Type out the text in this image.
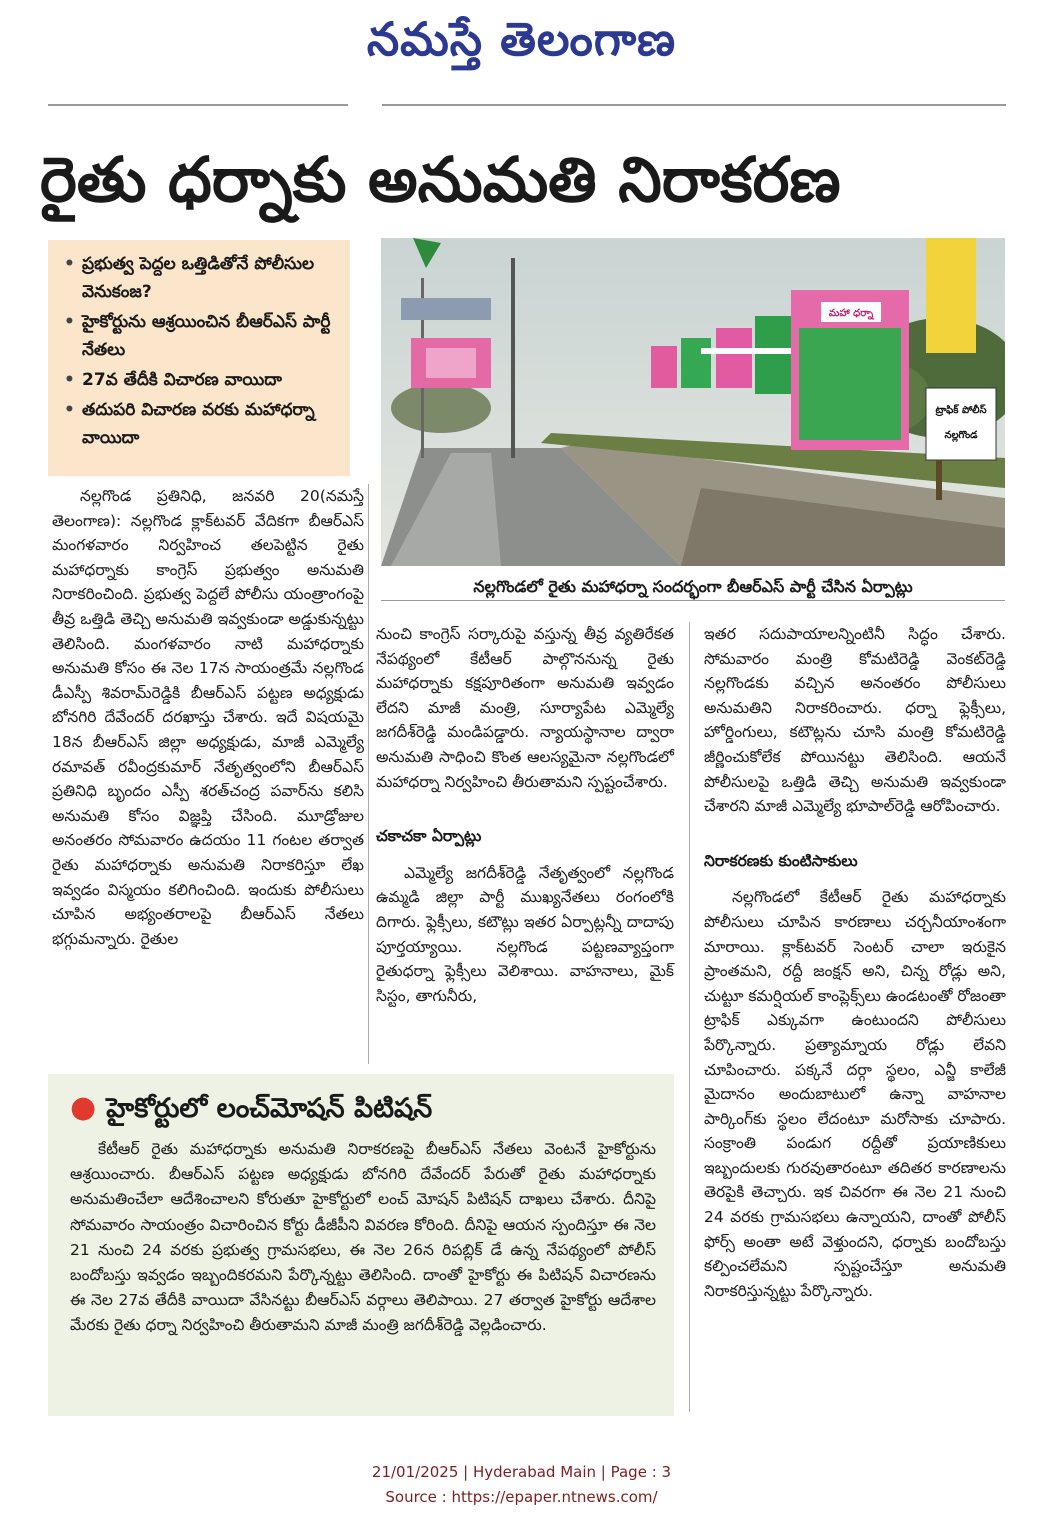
నమస్తే తెలంగాణ
రైతు ధర్నాకు అనుమతి నిరాకరణ
• ప్రభుత్వ పెద్దల ఒత్తిడితోనే పోలీసుల వెనుకంజ?
• హైకోర్టును ఆశ్రయించిన బీఆర్‌ఎస్‌ పార్టీ నేతలు
• 27వ తేదీకి విచారణ వాయిదా
• తదుపరి విచారణ వరకు మహాధర్నా వాయిదా
మహా ధర్నా
ట్రాఫిక్ పోలీస్
నల్లగొండ
నల్లగొండలో రైతు మహాధర్నా సందర్భంగా బీఆర్‌ఎస్‌ పార్టీ చేసిన ఏర్పాట్లు

నల్లగొండ ప్రతినిధి, జనవరి 20(నమస్తే తెలంగాణ): నల్లగొండ క్లాక్‌టవర్‌ వేదికగా బీఆర్‌ఎస్‌ మంగళవారం నిర్వహించ తలపెట్టిన రైతు మహాధర్నాకు కాంగ్రెస్‌ ప్రభుత్వం అనుమతి నిరాకరించింది. ప్రభుత్వ పెద్దలే పోలీసు యంత్రాంగంపై తీవ్ర ఒత్తిడి తెచ్చి అనుమతి ఇవ్వకుండా అడ్డుకున్నట్టు తెలిసింది. మంగళవారం నాటి మహాధర్నాకు అనుమతి కోసం ఈ నెల 17న సాయంత్రమే నల్లగొండ డీఎస్పీ శివరామ్‌రెడ్డికి బీఆర్‌ఎస్‌ పట్టణ అధ్యక్షుడు బోనగిరి దేవేందర్‌ దరఖాస్తు చేశారు. ఇదే విషయమై 18న బీఆర్‌ఎస్‌ జిల్లా అధ్యక్షుడు, మాజీ ఎమ్మెల్యే రమావత్‌ రవీంద్రకుమార్‌ నేతృత్వంలోని బీఆర్‌ఎస్‌ ప్రతినిధి బృందం ఎస్పీ శరత్‌చంద్ర పవార్‌ను కలిసి అనుమతి కోసం విజ్ఞప్తి చేసింది. మూడ్రోజుల అనంతరం సోమవారం ఉదయం 11 గంటల తర్వాత రైతు మహాధర్నాకు అనుమతి నిరాకరిస్తూ లేఖ ఇవ్వడం విస్మయం కలిగించింది. ఇందుకు పోలీసులు చూపిన అభ్యంతరాలపై బీఆర్‌ఎస్‌ నేతలు భగ్గుమన్నారు. రైతుల

నుంచి కాంగ్రెస్‌ సర్కారుపై వస్తున్న తీవ్ర వ్యతిరేకత నేపథ్యంలో కేటీఆర్‌ పాల్గొననున్న రైతు మహాధర్నాకు కక్షపూరితంగా అనుమతి ఇవ్వడం లేదని మాజీ మంత్రి, సూర్యాపేట ఎమ్మెల్యే జగదీశ్‌రెడ్డి మండిపడ్డారు. న్యాయస్థానాల ద్వారా అనుమతి సాధించి కొంత ఆలస్యమైనా నల్లగొండలో మహాధర్నా నిర్వహించి తీరుతామని స్పష్టంచేశారు.

చకాచకా ఏర్పాట్లు

ఎమ్మెల్యే జగదీశ్‌రెడ్డి నేతృత్వంలో నల్లగొండ ఉమ్మడి జిల్లా పార్టీ ముఖ్యనేతలు రంగంలోకి దిగారు. ఫ్లెక్సీలు, కటౌట్లు ఇతర ఏర్పాట్లన్నీ దాదాపు పూర్తయ్యాయి. నల్లగొండ పట్టణవ్యాప్తంగా రైతుధర్నా ఫ్లెక్సీలు వెలిశాయి. వాహనాలు, మైక్‌ సిస్టం, తాగునీరు,

ఇతర సదుపాయాలన్నింటినీ సిద్ధం చేశారు. సోమవారం మంత్రి కోమటిరెడ్డి వెంకట్‌రెడ్డి నల్లగొండకు వచ్చిన అనంతరం పోలీసులు అనుమతిని నిరాకరించారు. ధర్నా ఫ్లెక్సీలు, హోర్డింగులు, కటౌట్లను చూసి మంత్రి కోమటిరెడ్డి జీర్ణించుకోలేక పోయినట్టు తెలిసింది. ఆయనే పోలీసులపై ఒత్తిడి తెచ్చి అనుమతి ఇవ్వకుండా చేశారని మాజీ ఎమ్మెల్యే భూపాల్‌రెడ్డి ఆరోపించారు.

నిరాకరణకు కుంటిసాకులు

నల్లగొండలో కేటీఆర్‌ రైతు మహాధర్నాకు పోలీసులు చూపిన కారణాలు చర్చనీయాంశంగా మారాయి. క్లాక్‌టవర్‌ సెంటర్‌ చాలా ఇరుకైన ప్రాంతమని, రద్దీ జంక్షన్‌ అని, చిన్న రోడ్లు అని, చుట్టూ కమర్షియల్‌ కాంప్లెక్స్‌లు ఉండటంతో రోజంతా ట్రాఫిక్‌ ఎక్కువగా ఉంటుందని పోలీసులు పేర్కొన్నారు. ప్రత్యామ్నాయ రోడ్లు లేవని చూపించారు. పక్కనే దర్గా స్థలం, ఎన్జీ కాలేజీ మైదానం అందుబాటులో ఉన్నా వాహనాల పార్కింగ్‌కు స్థలం లేదంటూ మరోసాకు చూపారు. సంక్రాంతి పండుగ రద్దీతో ప్రయాణికులు ఇబ్బందులకు గురవుతారంటూ తదితర కారణాలను తెరపైకి తెచ్చారు. ఇక చివరగా ఈ నెల 21 నుంచి 24 వరకు గ్రామసభలు ఉన్నాయని, దాంతో పోలీస్‌ ఫోర్స్‌ అంతా అటే వెళ్తుందని, ధర్నాకు బందోబస్తు కల్పించలేమని స్పష్టంచేస్తూ అనుమతి నిరాకరిస్తున్నట్టు పేర్కొన్నారు.

● హైకోర్టులో లంచ్‌మోషన్‌ పిటిషన్‌
కేటీఆర్‌ రైతు మహాధర్నాకు అనుమతి నిరాకరణపై బీఆర్‌ఎస్‌ నేతలు వెంటనే హైకోర్టును ఆశ్రయించారు. బీఆర్‌ఎస్‌ పట్టణ అధ్యక్షుడు బోనగిరి దేవేందర్‌ పేరుతో రైతు మహాధర్నాకు అనుమతించేలా ఆదేశించాలని కోరుతూ హైకోర్టులో లంచ్‌ మోషన్‌ పిటిషన్‌ దాఖలు చేశారు. దీనిపై సోమవారం సాయంత్రం విచారించిన కోర్టు డీజీపీని వివరణ కోరింది. దీనిపై ఆయన స్పందిస్తూ ఈ నెల 21 నుంచి 24 వరకు ప్రభుత్వ గ్రామసభలు, ఈ నెల 26న రిపబ్లిక్‌ డే ఉన్న నేపథ్యంలో పోలీస్‌ బందోబస్తు ఇవ్వడం ఇబ్బందికరమని పేర్కొన్నట్టు తెలిసింది. దాంతో హైకోర్టు ఈ పిటిషన్‌ విచారణను ఈ నెల 27వ తేదీకి వాయిదా వేసినట్టు బీఆర్‌ఎస్‌ వర్గాలు తెలిపాయి. 27 తర్వాత హైకోర్టు ఆదేశాల మేరకు రైతు ధర్నా నిర్వహించి తీరుతామని మాజీ మంత్రి జగదీశ్‌రెడ్డి వెల్లడించారు.
21/01/2025 | Hyderabad Main | Page : 3
Source : https://epaper.ntnews.com/
